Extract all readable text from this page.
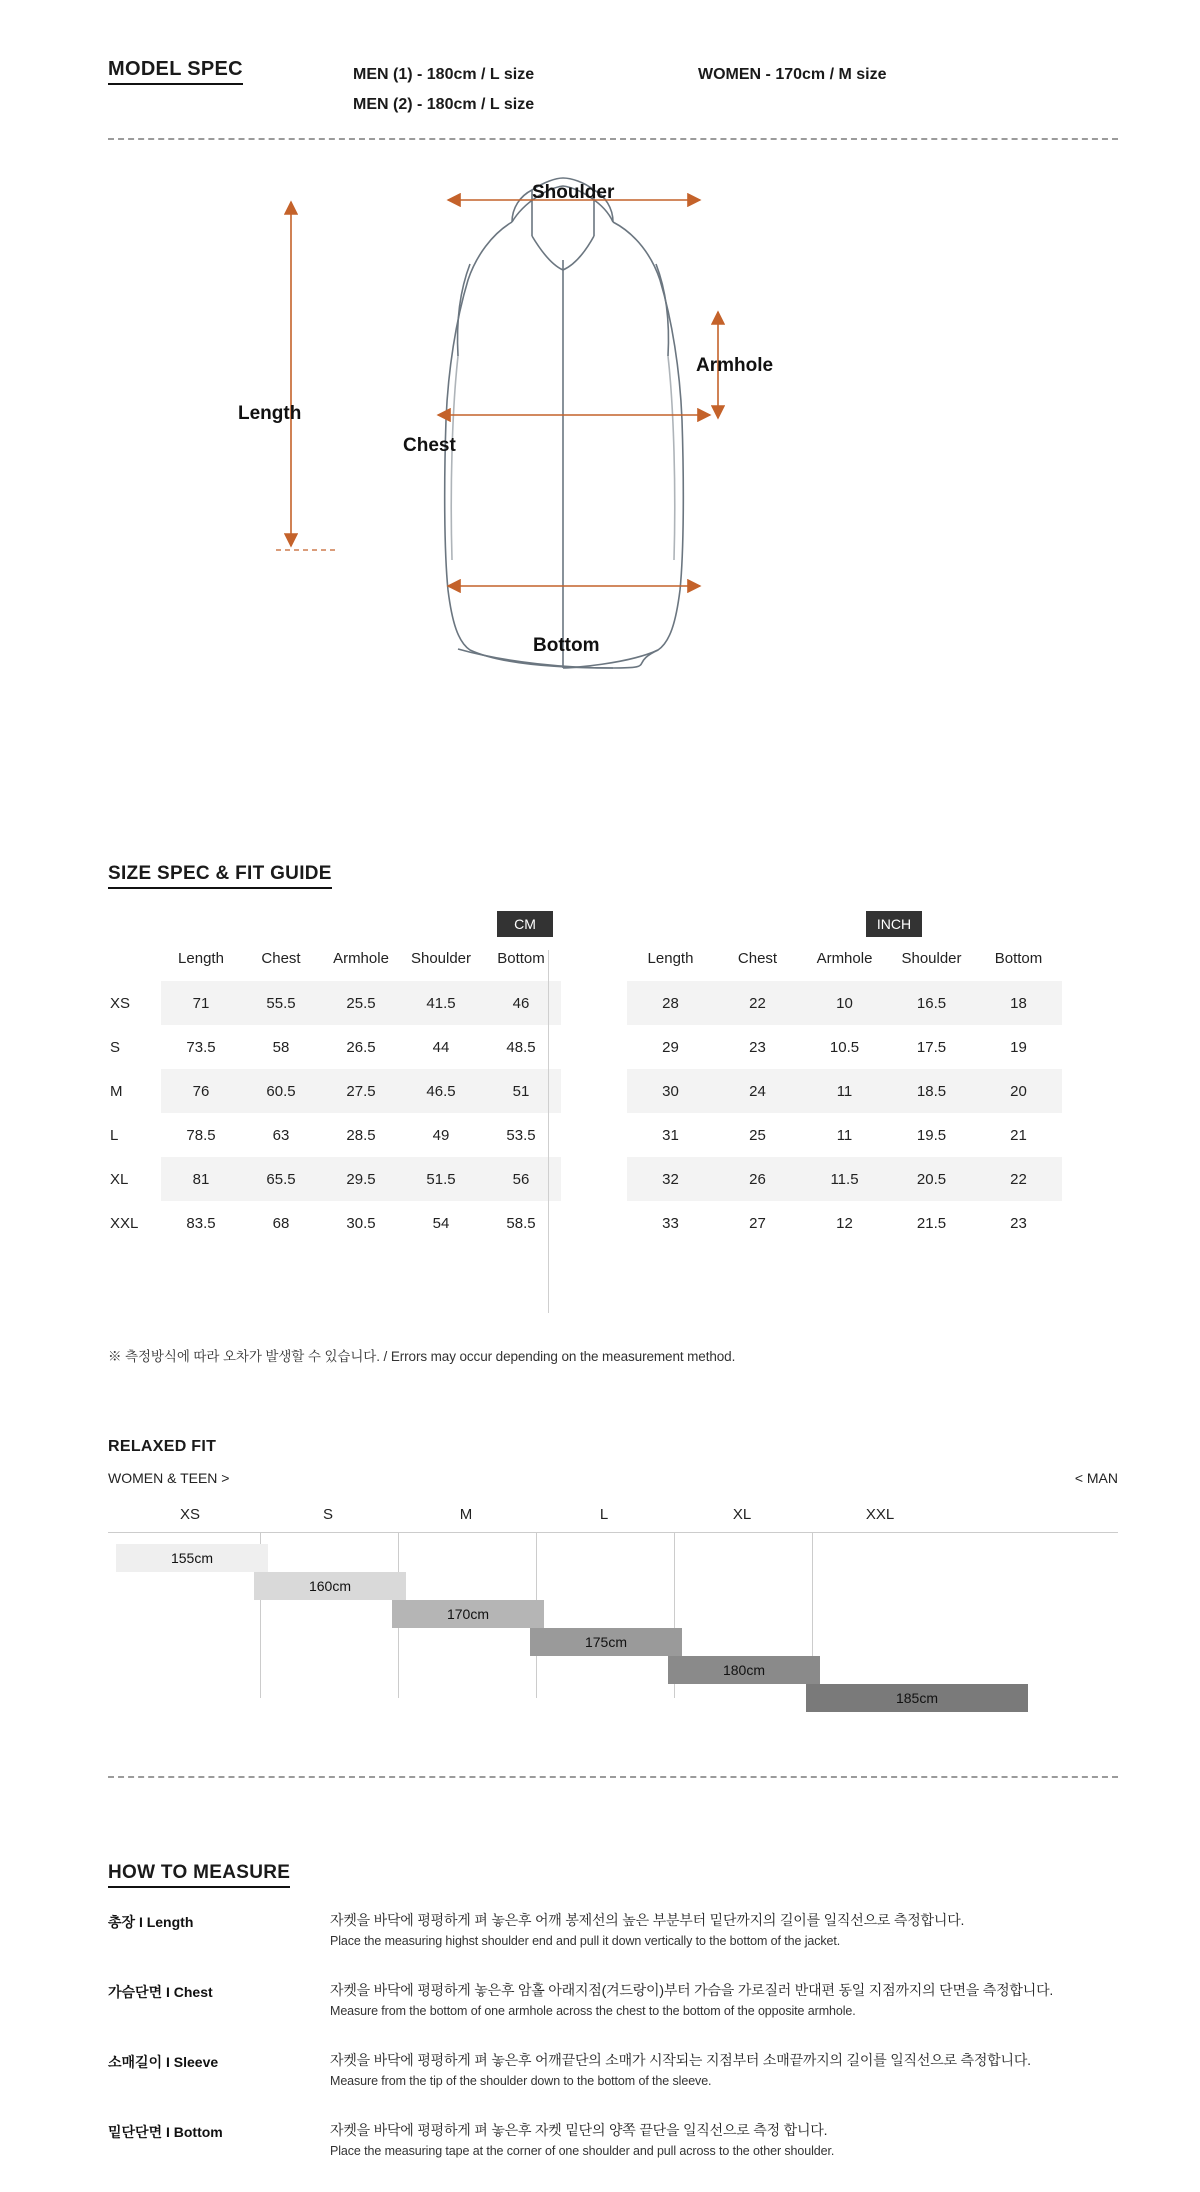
MODEL SPEC	MEN (1) - 180cm / L size
MEN (2) - 180cm / L size
WOMEN - 170cm / M size
Shoulder
Armhole
Length
Chest
Bottom
SIZE SPEC & FIT GUIDE
CM	INCH
	Length	Chest	Armhole	Shoulder	Bottom
XS	71	55.5	25.5	41.5	46
S	73.5	58	26.5	44	48.5
M	76	60.5	27.5	46.5	51
L	78.5	63	28.5	49	53.5
XL	81	65.5	29.5	51.5	56
XXL	83.5	68	30.5	54	58.5
	Length	Chest	Armhole	Shoulder	Bottom
	28	22	10	16.5	18
	29	23	10.5	17.5	19
	30	24	11	18.5	20
	31	25	11	19.5	21
	32	26	11.5	20.5	22
	33	27	12	21.5	23
※ 측정방식에 따라 오차가 발생할 수 있습니다. / Errors may occur depending on the measurement method.
RELAXED FIT
WOMEN & TEEN >	< MAN
XS	S	M	L	XL	XXL
155cm
160cm
170cm
175cm
180cm
185cm
HOW TO MEASURE
총장 I Length	자켓을 바닥에 평평하게 펴 놓은후 어깨 봉제선의 높은 부분부터 밑단까지의 길이를 일직선으로 측정합니다.
Place the measuring highst shoulder end and pull it down vertically to the bottom of the jacket.
가슴단면 I Chest	자켓을 바닥에 평평하게 놓은후 암홀 아래지점(겨드랑이)부터 가슴을 가로질러 반대편 동일 지점까지의 단면을 측정합니다.
Measure from the bottom of one armhole across the chest to the bottom of the opposite armhole.
소매길이 I Sleeve	자켓을 바닥에 평평하게 펴 놓은후 어깨끝단의 소매가 시작되는 지점부터 소매끝까지의 길이를 일직선으로 측정합니다.
Measure from the tip of the shoulder down to the bottom of the sleeve.
밑단단면 I Bottom	자켓을 바닥에 평평하게 펴 놓은후 자켓 밑단의 양쪽 끝단을 일직선으로 측정 합니다.
Place the measuring tape at the corner of one shoulder and pull across to the other shoulder.
